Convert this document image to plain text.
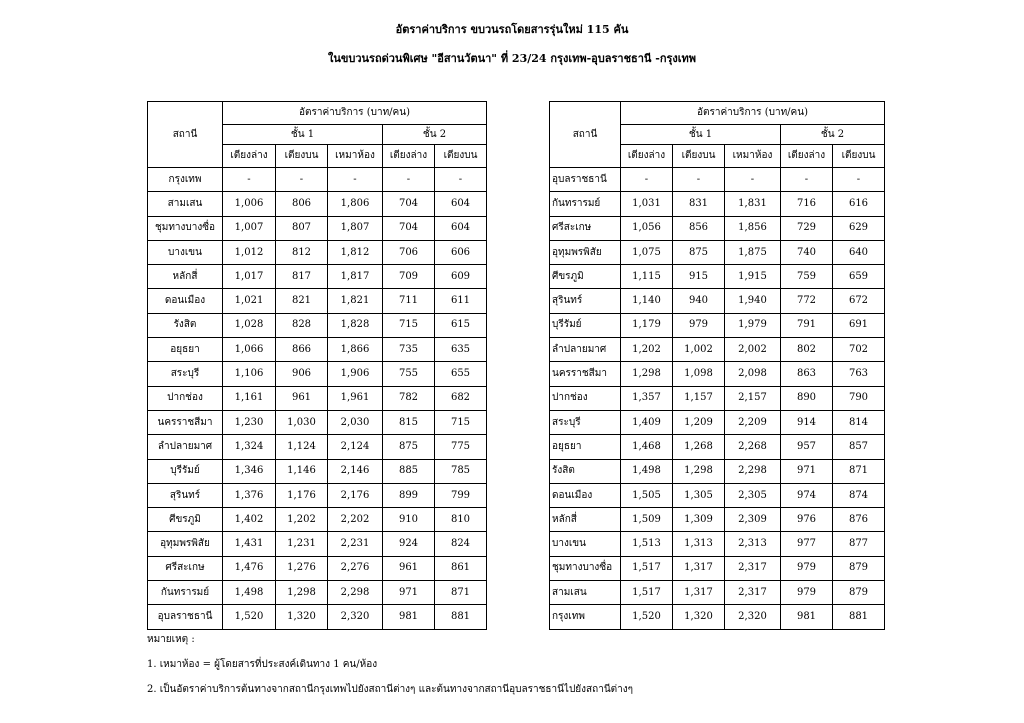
อัตราค่าบริการ ขบวนรถโดยสารรุ่นใหม่ 115 คัน
ในขบวนรถด่วนพิเศษ "อีสานวัตนา" ที่ 23/24 กรุงเทพ-อุบลราชธานี -กรุงเทพ
สถานี	อัตราค่าบริการ (บาท/คน)				
	ชั้น 1			ชั้น 2	
	เตียงล่าง	เตียงบน	เหมาห้อง	เตียงล่าง	เตียงบน
กรุงเทพ	-	-	-	-	-
สามเสน	1,006	806	1,806	704	604
ชุมทางบางซื่อ	1,007	807	1,807	704	604
บางเขน	1,012	812	1,812	706	606
หลักสี่	1,017	817	1,817	709	609
ดอนเมือง	1,021	821	1,821	711	611
รังสิต	1,028	828	1,828	715	615
อยุธยา	1,066	866	1,866	735	635
สระบุรี	1,106	906	1,906	755	655
ปากช่อง	1,161	961	1,961	782	682
นครราชสีมา	1,230	1,030	2,030	815	715
ลำปลายมาศ	1,324	1,124	2,124	875	775
บุรีรัมย์	1,346	1,146	2,146	885	785
สุรินทร์	1,376	1,176	2,176	899	799
ศีขรภูมิ	1,402	1,202	2,202	910	810
อุทุมพรพิสัย	1,431	1,231	2,231	924	824
ศรีสะเกษ	1,476	1,276	2,276	961	861
กันทรารมย์	1,498	1,298	2,298	971	871
อุบลราชธานี	1,520	1,320	2,320	981	881
สถานี	อัตราค่าบริการ (บาท/คน)				
	ชั้น 1			ชั้น 2	
	เตียงล่าง	เตียงบน	เหมาห้อง	เตียงล่าง	เตียงบน
อุบลราชธานี	-	-	-	-	-
กันทรารมย์	1,031	831	1,831	716	616
ศรีสะเกษ	1,056	856	1,856	729	629
อุทุมพรพิสัย	1,075	875	1,875	740	640
ศีขรภูมิ	1,115	915	1,915	759	659
สุรินทร์	1,140	940	1,940	772	672
บุรีรัมย์	1,179	979	1,979	791	691
ลำปลายมาศ	1,202	1,002	2,002	802	702
นครราชสีมา	1,298	1,098	2,098	863	763
ปากช่อง	1,357	1,157	2,157	890	790
สระบุรี	1,409	1,209	2,209	914	814
อยุธยา	1,468	1,268	2,268	957	857
รังสิต	1,498	1,298	2,298	971	871
ดอนเมือง	1,505	1,305	2,305	974	874
หลักสี่	1,509	1,309	2,309	976	876
บางเขน	1,513	1,313	2,313	977	877
ชุมทางบางซื่อ	1,517	1,317	2,317	979	879
สามเสน	1,517	1,317	2,317	979	879
กรุงเทพ	1,520	1,320	2,320	981	881
หมายเหตุ :
1. เหมาห้อง = ผู้โดยสารที่ประสงค์เดินทาง 1 คน/ห้อง
2. เป็นอัตราค่าบริการต้นทางจากสถานีกรุงเทพไปยังสถานีต่างๆ และต้นทางจากสถานีอุบลราชธานีไปยังสถานีต่างๆ
